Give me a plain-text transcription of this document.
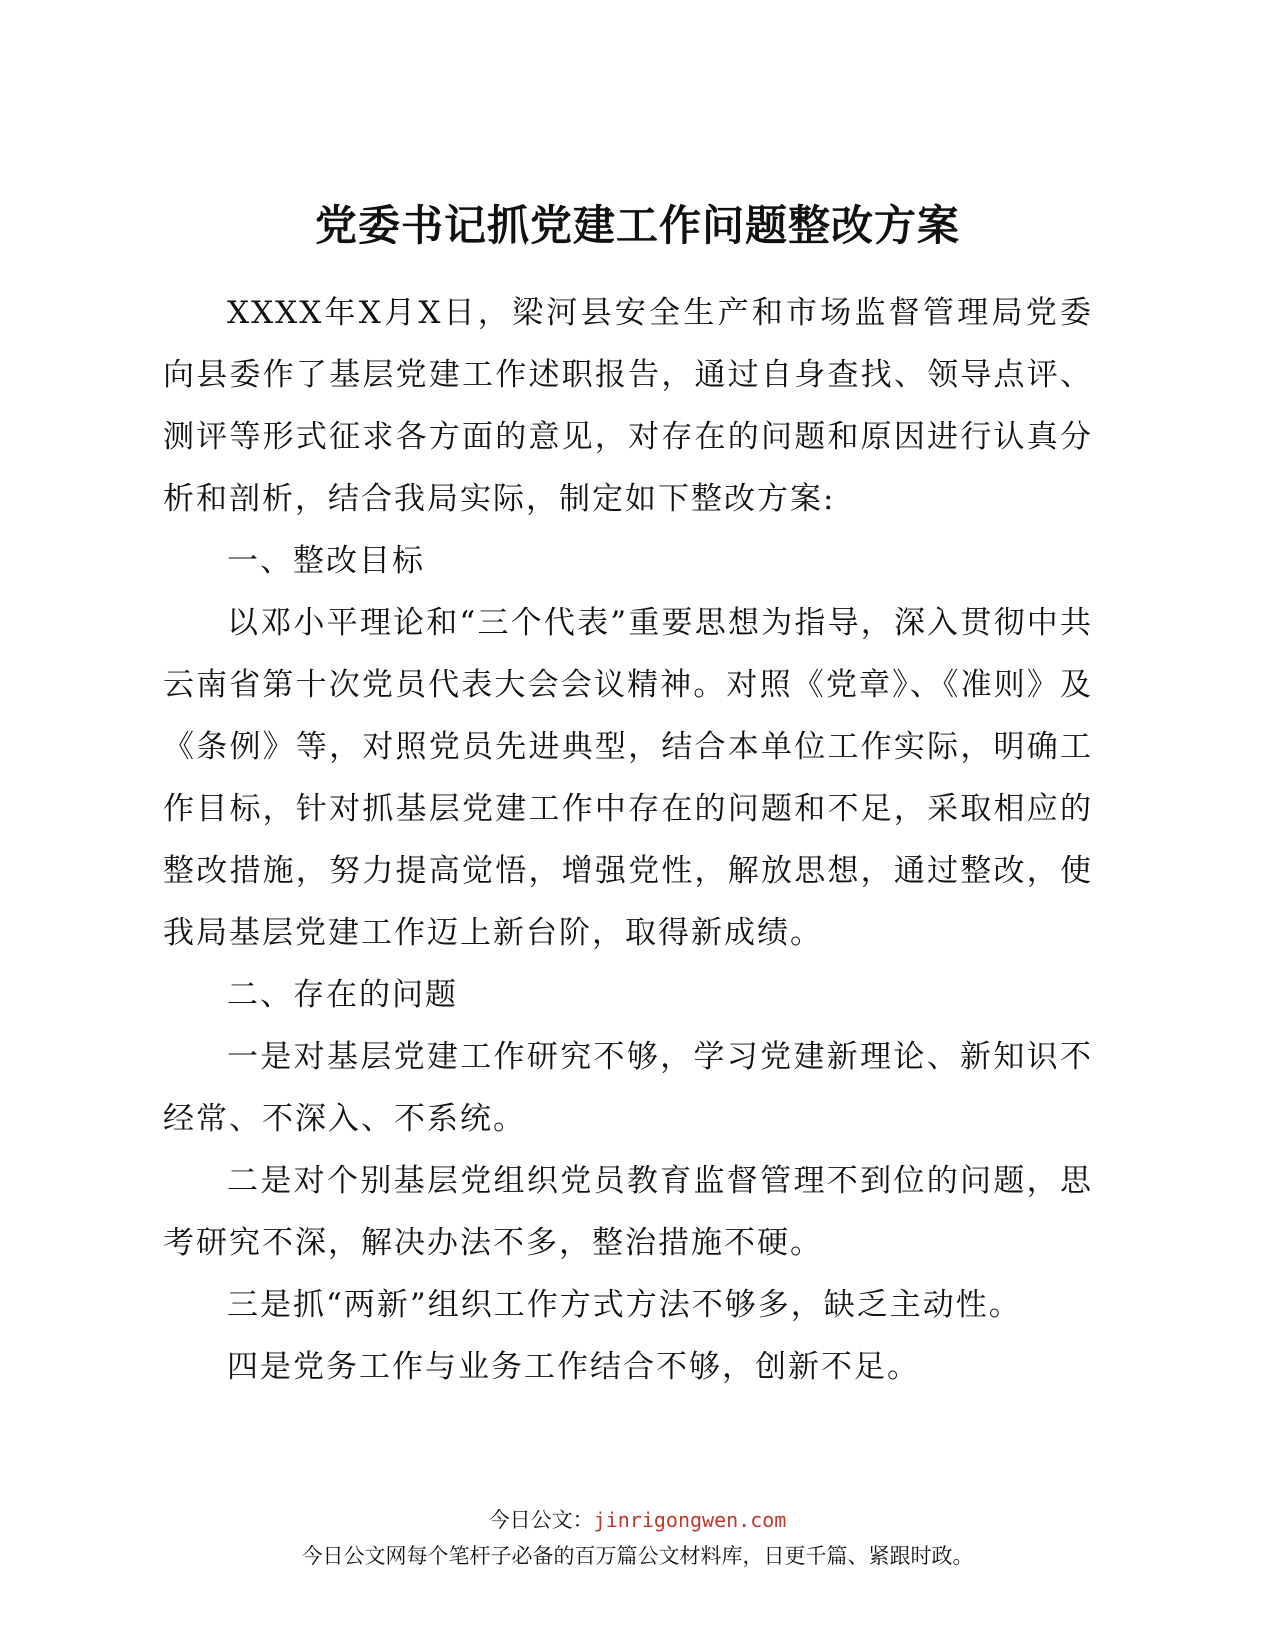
党委书记抓党建工作问题整改方案

XXXX年X月X日，梁河县安全生产和市场监督管理局党委向县委作了基层党建工作述职报告，通过自身查找、领导点评、测评等形式征求各方面的意见，对存在的问题和原因进行认真分析和剖析，结合我局实际，制定如下整改方案:

一、整改目标

以邓小平理论和“三个代表”重要思想为指导，深入贯彻中共云南省第十次党员代表大会会议精神。对照《党章》、《准则》及《条例》等，对照党员先进典型，结合本单位工作实际，明确工作目标，针对抓基层党建工作中存在的问题和不足，采取相应的整改措施，努力提高觉悟，增强党性，解放思想，通过整改，使我局基层党建工作迈上新台阶，取得新成绩。

二、存在的问题

一是对基层党建工作研究不够，学习党建新理论、新知识不经常、不深入、不系统。

二是对个别基层党组织党员教育监督管理不到位的问题，思考研究不深，解决办法不多，整治措施不硬。

三是抓“两新”组织工作方式方法不够多，缺乏主动性。

四是党务工作与业务工作结合不够，创新不足。

今日公文：jinrigongwen.com
今日公文网每个笔杆子必备的百万篇公文材料库，日更千篇、紧跟时政。
